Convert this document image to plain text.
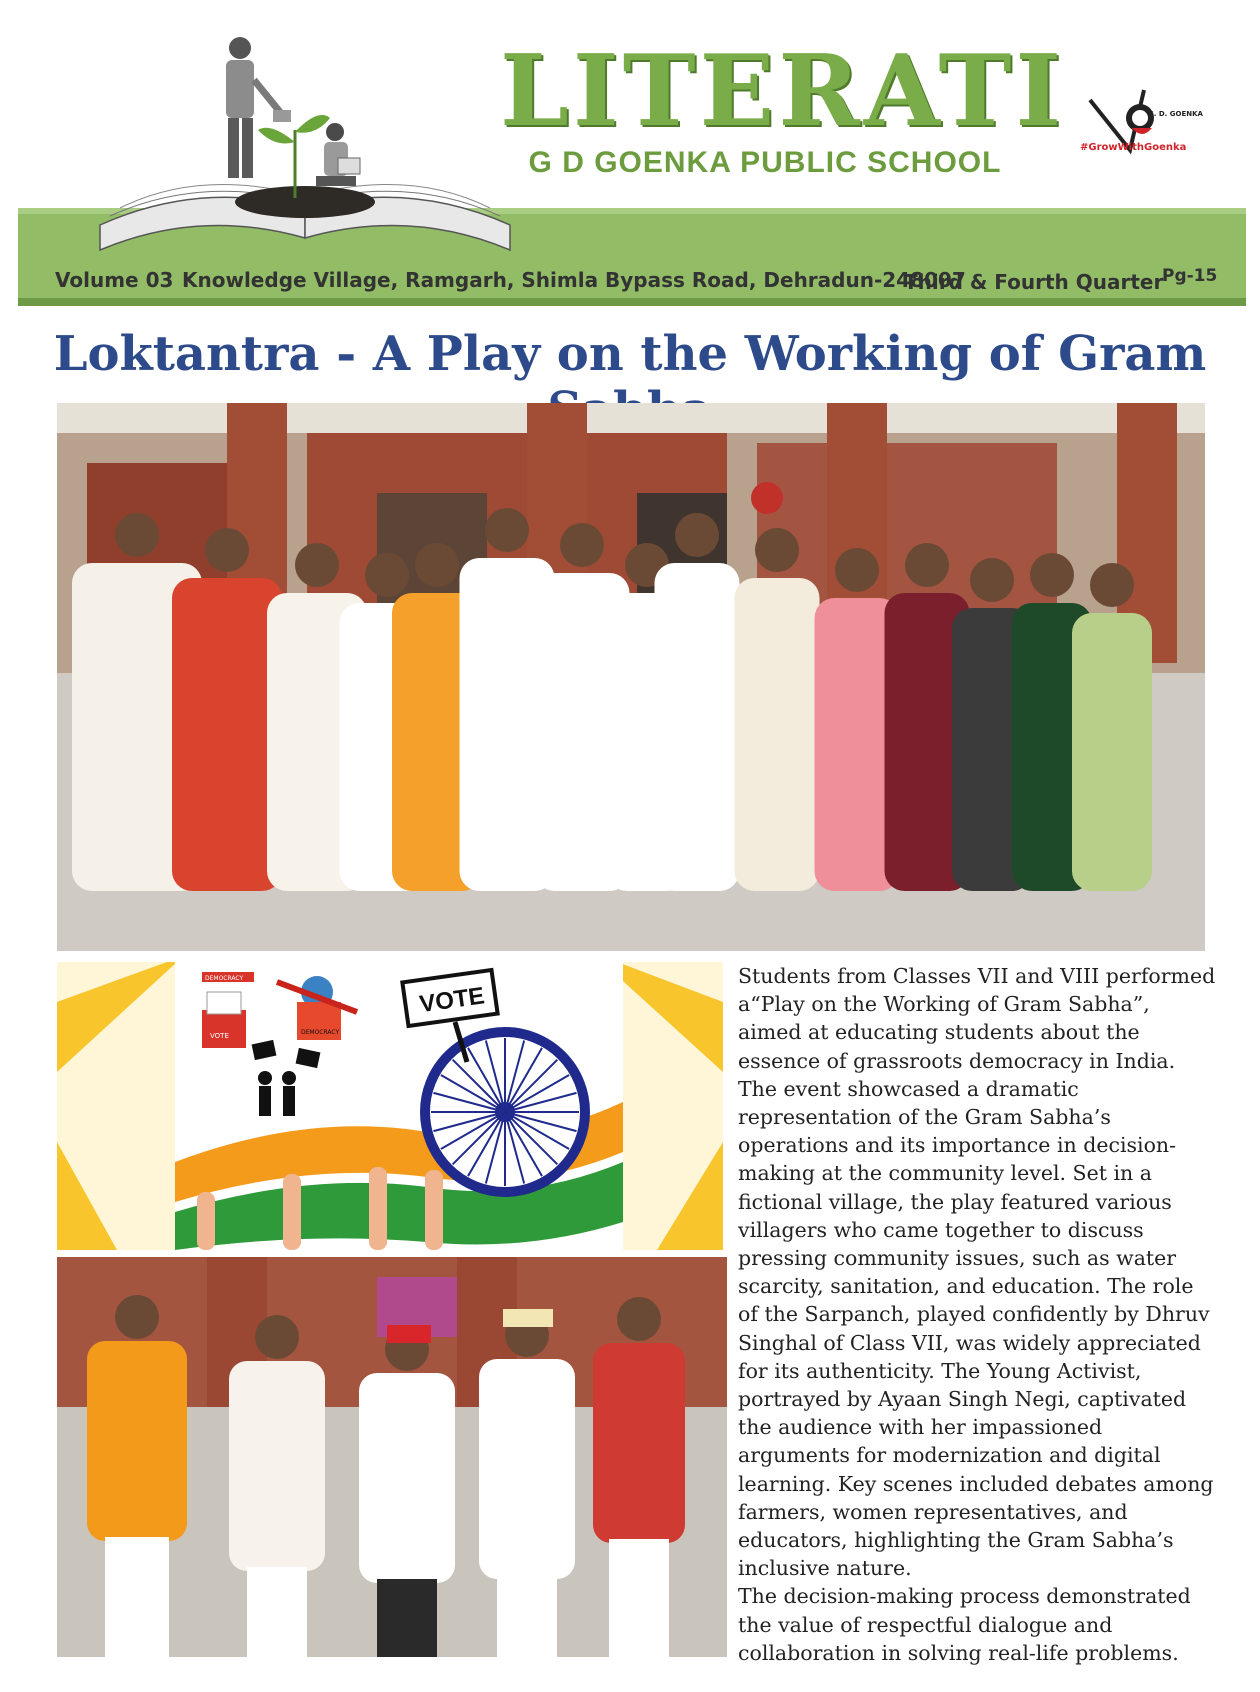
LITERATI
G D GOENKA PUBLIC SCHOOL
G. D. GOENKA
#GrowWithGoenka
Volume 03 Knowledge Village, Ramgarh, Shimla Bypass Road, Dehradun-248007
Third & Fourth Quarter
Pg-15
Loktantra - A Play on the Working of Gram
VOTE
VOTE
DEMOCRACY
DEMOCRACY

Students from Classes VII and VIII performed a“Play on the Working of Gram Sabha”, aimed at educating students about the essence of grassroots democracy in India. The event showcased a dramatic representation of the Gram Sabha’s operations and its importance in decision-making at the community level. Set in a fictional village, the play featured various villagers who came together to discuss pressing community issues, such as water scarcity, sanitation, and education. The role of the Sarpanch, played confidently by Dhruv Singhal of Class VII, was widely appreciated for its authenticity. The Young Activist, portrayed by Ayaan Singh Negi, captivated the audience with her impassioned arguments for modernization and digital learning. Key scenes included debates among farmers, women representatives, and educators, highlighting the Gram Sabha’s inclusive nature.

The decision-making process demonstrated the value of respectful dialogue and collaboration in solving real-life problems.
